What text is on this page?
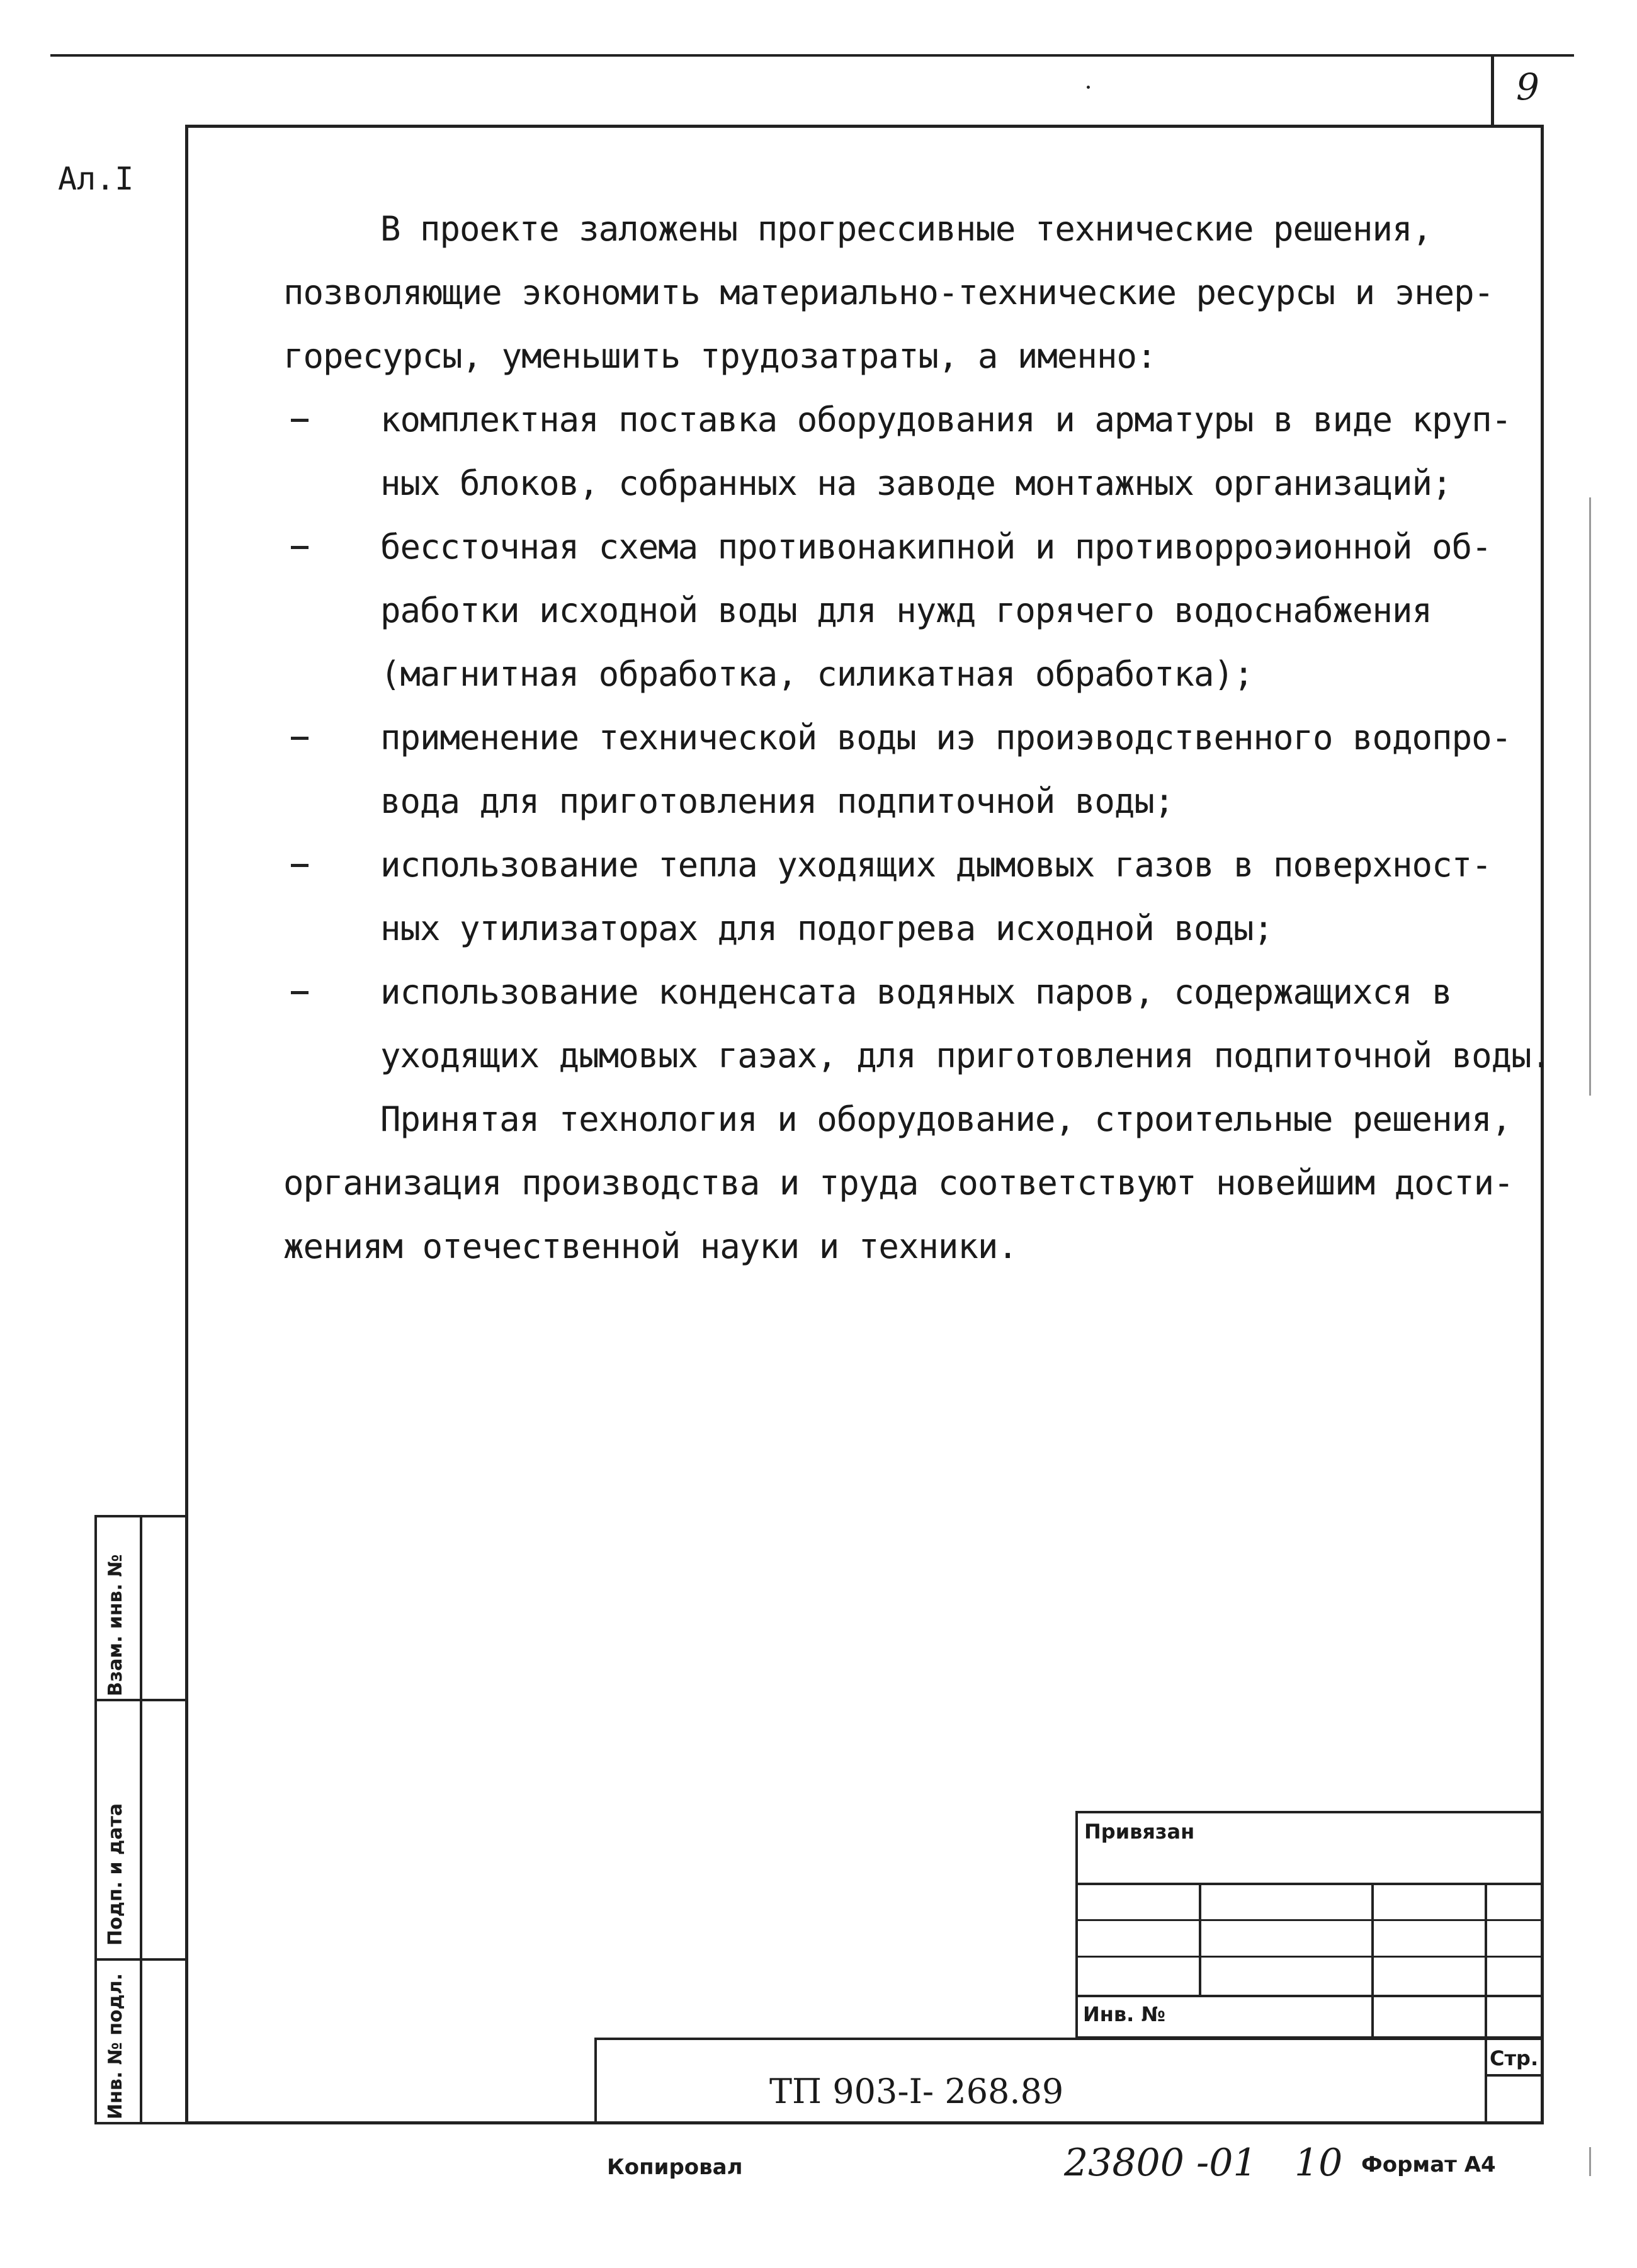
9
Ал.I
В проекте заложены прогрессивные технические решения,
позволяющие экономить материально-технические ресурсы и энер-
горесурсы, уменьшить трудозатраты, а именно:
комплектная поставка оборудования и арматуры в виде круп-
ных блоков, собранных на заводе монтажных организаций;
бессточная схема противонакипной и противорроэионной об-
работки исходной воды для нужд горячего водоснабжения
(магнитная обработка, силикатная обработка);
применение технической воды иэ проиэводственного водопро-
вода для приготовления подпиточной воды;
использование тепла уходящих дымовых газов в поверхност-
ных утилизаторах для подогрева исходной воды;
использование конденсата водяных паров, содержащихся в
уходящих дымовых гаэах, для приготовления подпиточной воды.
Принятая технология и оборудование, строительные решения,
организация производства и труда соответствуют новейшим дости-
жениям отечественной науки и техники.
Взам. инв. №
Подп. и дата
Инв. № подл.
Привязан
Инв. №
Стр.
ТП 903-I- 268.89
Копировал	23800 -01 10 Формат А4
